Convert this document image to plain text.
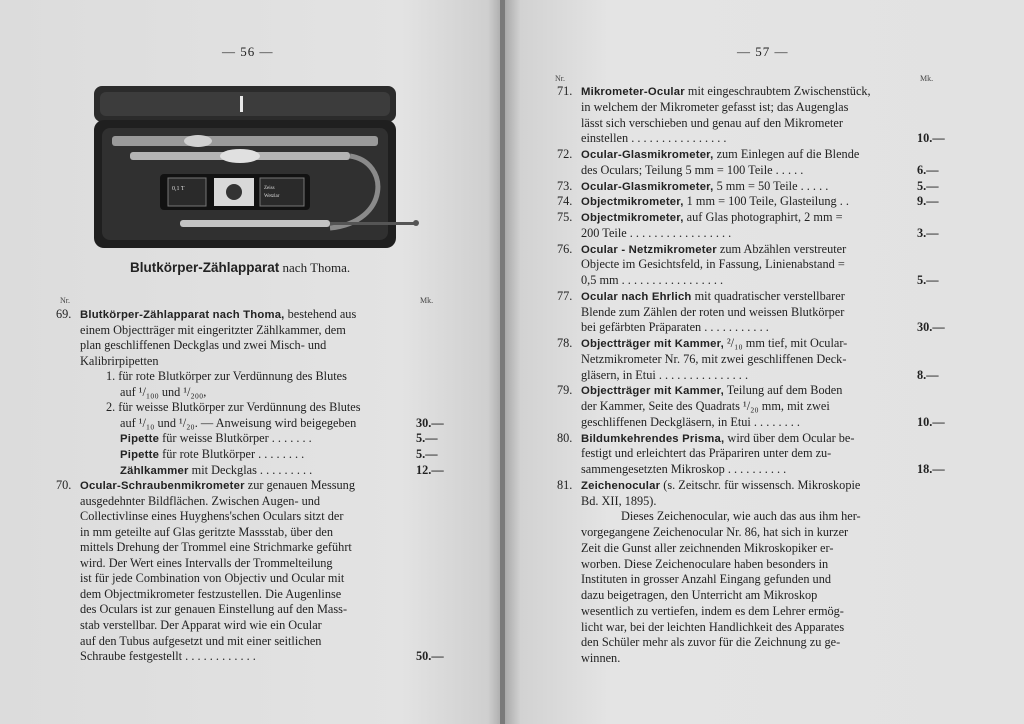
— 56 —
0,1 T	Zeiss
Wetzlar
Blutkörper-Zählapparat nach Thoma.
Nr.	Mk.
69. Blutkörper-Zählapparat nach Thoma, bestehend aus
einem Objectträger mit eingeritzter Zählkammer, dem
plan geschliffenen Deckglas und zwei Misch- und
Kalibrirpipetten
1. für rote Blutkörper zur Verdünnung des Blutes
auf ¹/₁₀₀ und ¹/₂₀₀,
2. für weisse Blutkörper zur Verdünnung des Blutes
auf ¹/₁₀ und ¹/₂₀. — Anweisung wird beigegeben	30.—
Pipette für weisse Blutkörper . . . . . . .	5.—
Pipette für rote Blutkörper . . . . . . . .	5.—
Zählkammer mit Deckglas . . . . . . . . .	12.—
70. Ocular-Schraubenmikrometer zur genauen Messung
ausgedehnter Bildflächen. Zwischen Augen- und
Collectivlinse eines Huyghens'schen Oculars sitzt der
in mm geteilte auf Glas geritzte Massstab, über den
mittels Drehung der Trommel eine Strichmarke geführt
wird. Der Wert eines Intervalls der Trommelteilung
ist für jede Combination von Objectiv und Ocular mit
dem Objectmikrometer festzustellen. Die Augenlinse
des Oculars ist zur genauen Einstellung auf den Mass-
stab verstellbar. Der Apparat wird wie ein Ocular
auf den Tubus aufgesetzt und mit einer seitlichen
Schraube festgestellt . . . . . . . . . . . .	50.—
— 57 —
Nr.	Mk.
71. Mikrometer-Ocular mit eingeschraubtem Zwischenstück,
in welchem der Mikrometer gefasst ist; das Augenglas
lässt sich verschieben und genau auf den Mikrometer
einstellen . . . . . . . . . . . . . . . .	10.—
72. Ocular-Glasmikrometer, zum Einlegen auf die Blende
des Oculars; Teilung 5 mm = 100 Teile . . . . .	6.—
73. Ocular-Glasmikrometer, 5 mm = 50 Teile . . . . .	5.—
74. Objectmikrometer, 1 mm = 100 Teile, Glasteilung . .	9.—
75. Objectmikrometer, auf Glas photographirt, 2 mm =
200 Teile . . . . . . . . . . . . . . . . .	3.—
76. Ocular - Netzmikrometer zum Abzählen verstreuter
Objecte im Gesichtsfeld, in Fassung, Linienabstand =
0,5 mm . . . . . . . . . . . . . . . . .	5.—
77. Ocular nach Ehrlich mit quadratischer verstellbarer
Blende zum Zählen der roten und weissen Blutkörper
bei gefärbten Präparaten . . . . . . . . . . .	30.—
78. Objectträger mit Kammer, ²/₁₀ mm tief, mit Ocular-
Netzmikrometer Nr. 76, mit zwei geschliffenen Deck-
gläsern, in Etui . . . . . . . . . . . . . . .	8.—
79. Objectträger mit Kammer, Teilung auf dem Boden
der Kammer, Seite des Quadrats ¹/₂₀ mm, mit zwei
geschliffenen Deckgläsern, in Etui . . . . . . . .	10.—
80. Bildumkehrendes Prisma, wird über dem Ocular be-
festigt und erleichtert das Präpariren unter dem zu-
sammengesetzten Mikroskop . . . . . . . . . .	18.—
81. Zeichenocular (s. Zeitschr. für wissensch. Mikroskopie
Bd. XII, 1895).
Dieses Zeichenocular, wie auch das aus ihm her-
vorgegangene Zeichenocular Nr. 86, hat sich in kurzer
Zeit die Gunst aller zeichnenden Mikroskopiker er-
worben. Diese Zeichenoculare haben besonders in
Instituten in grosser Anzahl Eingang gefunden und
dazu beigetragen, den Unterricht am Mikroskop
wesentlich zu vertiefen, indem es dem Lehrer ermög-
licht war, bei der leichten Handlichkeit des Apparates
den Schüler mehr als zuvor für die Zeichnung zu ge-
winnen.
